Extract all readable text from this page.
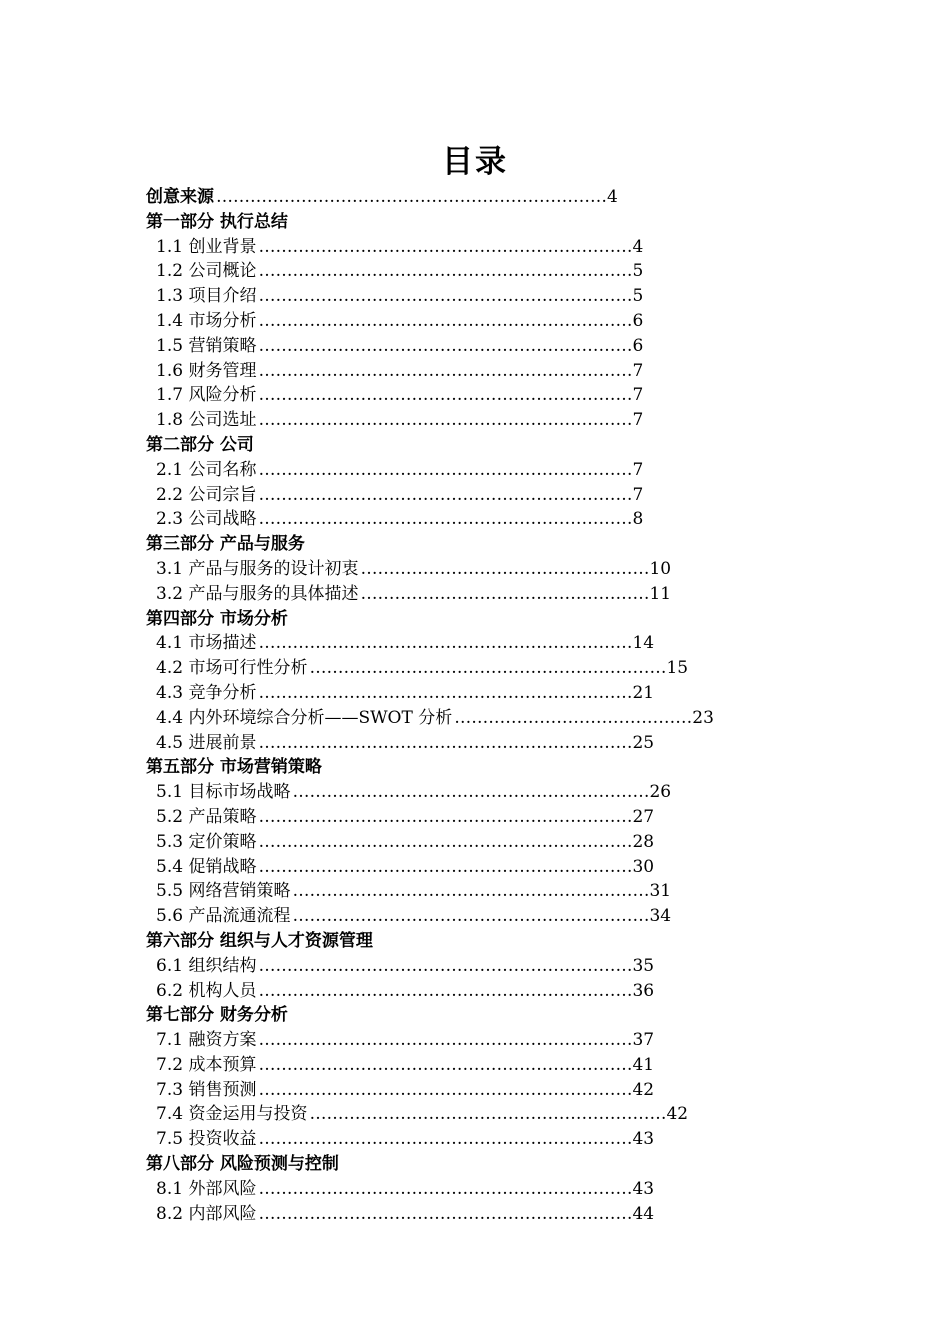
目录
创意来源 ……………………………………………………………4
第一部分 执行总结
1.1 创业背景 …………………………………………………………4
1.2 公司概论 …………………………………………………………5
1.3 项目介绍 …………………………………………………………5
1.4 市场分析 …………………………………………………………6
1.5 营销策略 …………………………………………………………6
1.6 财务管理 …………………………………………………………7
1.7 风险分析 …………………………………………………………7
1.8 公司选址 …………………………………………………………7
第二部分 公司
2.1 公司名称 …………………………………………………………7
2.2 公司宗旨 …………………………………………………………7
2.3 公司战略 …………………………………………………………8
第三部分 产品与服务
3.1 产品与服务的设计初衷 ……………………………………………10
3.2 产品与服务的具体描述 ……………………………………………11
第四部分 市场分析
4.1 市场描述 …………………………………………………………14
4.2 市场可行性分析 ………………………………………………………15
4.3 竞争分析 …………………………………………………………21
4.4 内外环境综合分析——SWOT 分析 ……………………………………23
4.5 进展前景 …………………………………………………………25
第五部分 市场营销策略
5.1 目标市场战略 ………………………………………………………26
5.2 产品策略 …………………………………………………………27
5.3 定价策略 …………………………………………………………28
5.4 促销战略 …………………………………………………………30
5.5 网络营销策略 ………………………………………………………31
5.6 产品流通流程 ………………………………………………………34
第六部分 组织与人才资源管理
6.1 组织结构 …………………………………………………………35
6.2 机构人员 …………………………………………………………36
第七部分 财务分析
7.1 融资方案 …………………………………………………………37
7.2 成本预算 …………………………………………………………41
7.3 销售预测 …………………………………………………………42
7.4 资金运用与投资 ………………………………………………………42
7.5 投资收益 …………………………………………………………43
第八部分 风险预测与控制
8.1 外部风险 …………………………………………………………43
8.2 内部风险 …………………………………………………………44
